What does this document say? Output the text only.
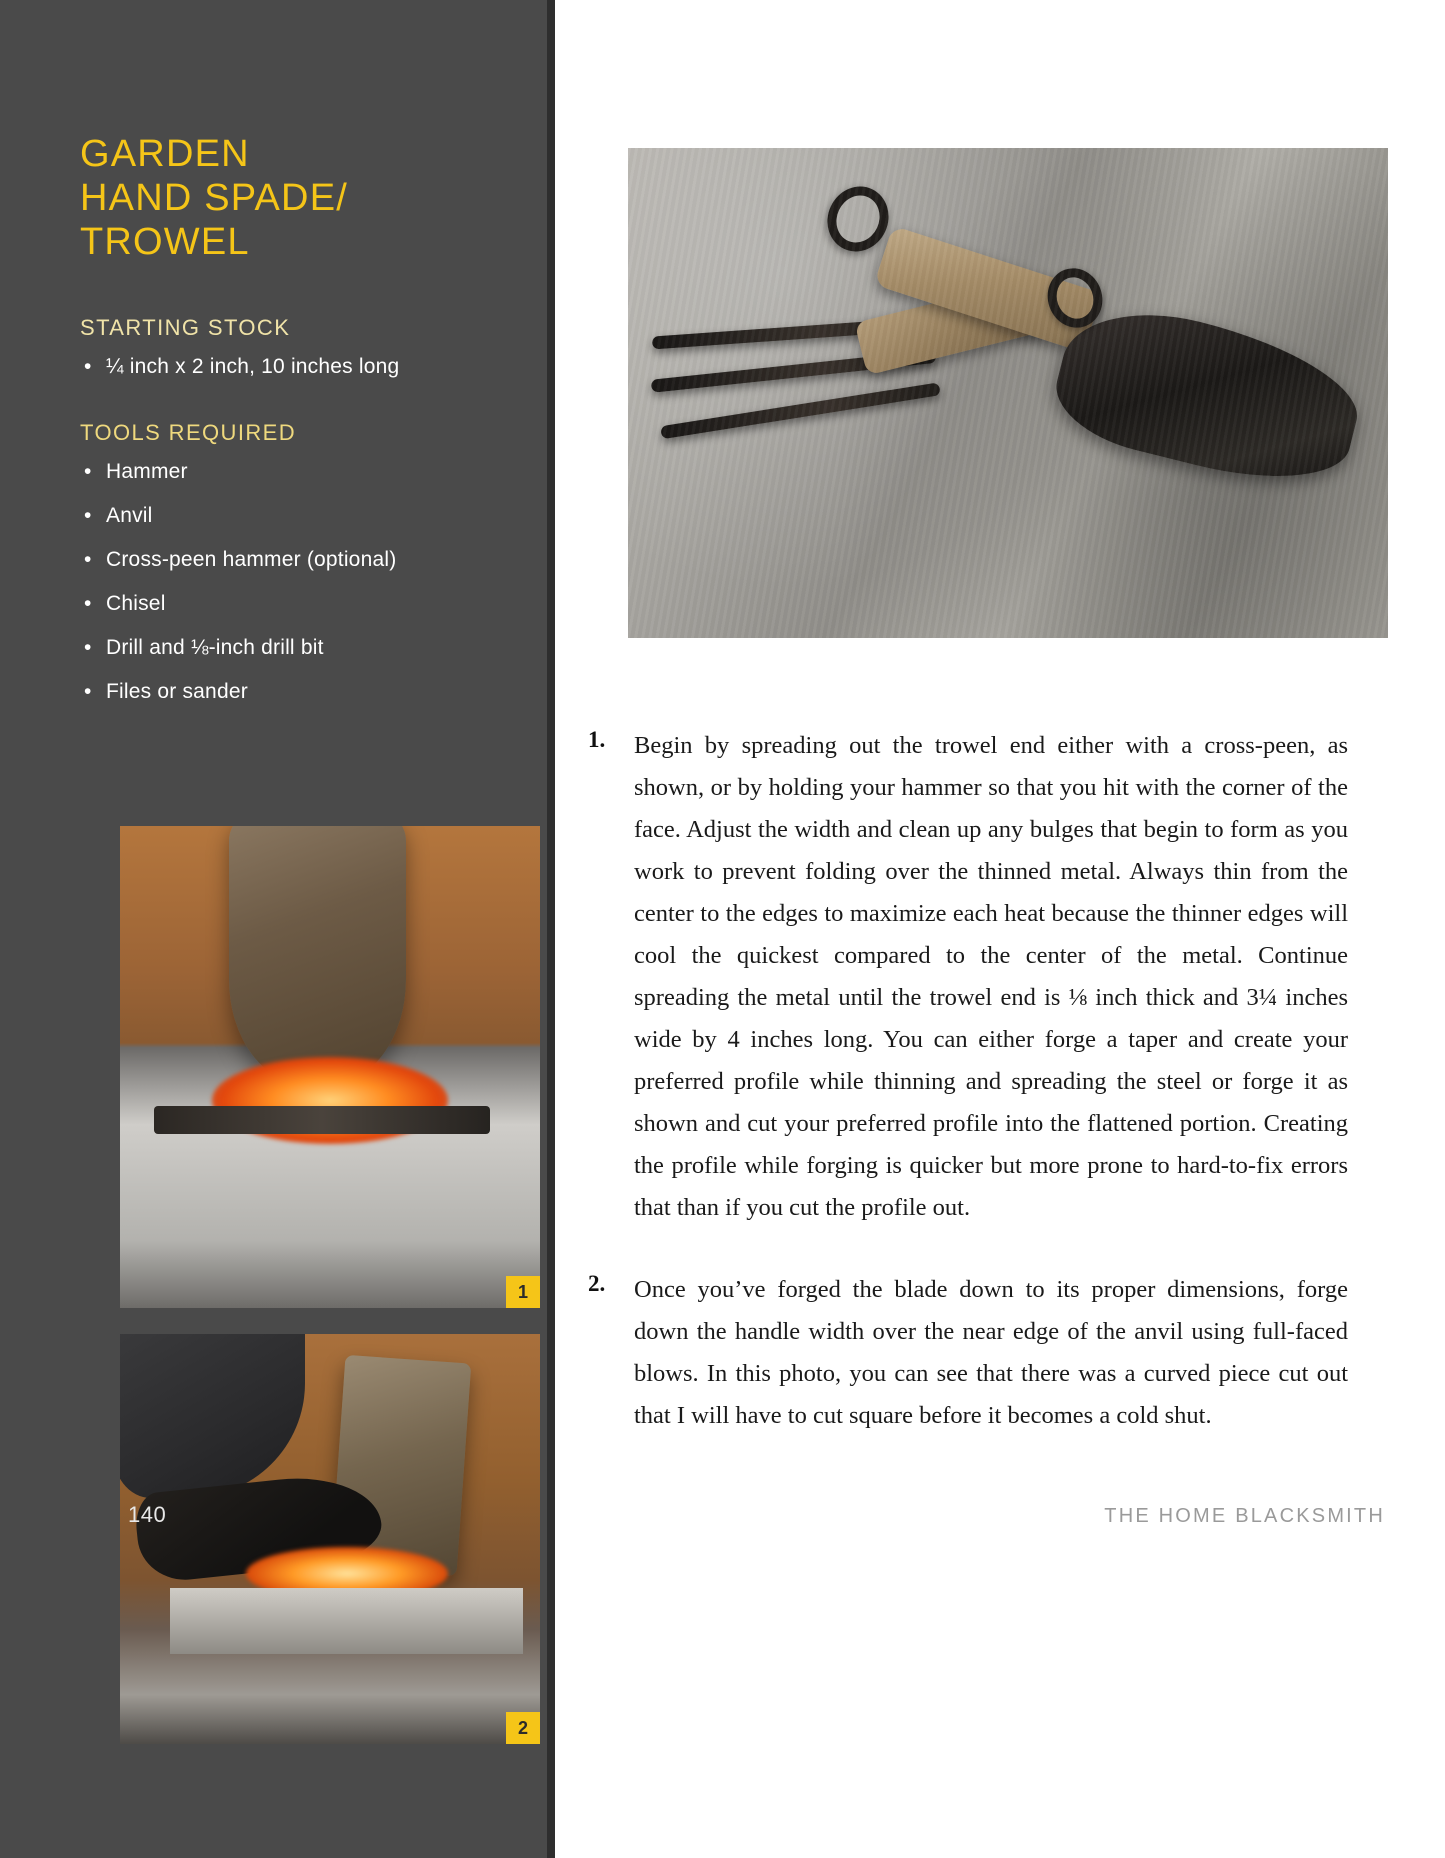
GARDEN
HAND SPADE/
TROWEL
STARTING STOCK
• ¼ inch x 2 inch, 10 inches long
TOOLS REQUIRED
• Hammer
• Anvil
• Cross-peen hammer (optional)
• Chisel
• Drill and ⅛-inch drill bit
• Files or sander
1
2
140
1.	Begin by spreading out the trowel end either with a cross-peen, as shown, or by holding your hammer so that you hit with the corner of the face. Adjust the width and clean up any bulges that begin to form as you work to prevent folding over the thinned metal. Always thin from the center to the edges to maximize each heat because the thinner edges will cool the quickest compared to the center of the metal. Continue spreading the metal until the trowel end is ⅛ inch thick and 3¼ inches wide by 4 inches long. You can either forge a taper and create your preferred profile while thinning and spreading the steel or forge it as shown and cut your preferred profile into the flattened portion. Creating the profile while forging is quicker but more prone to hard-to-fix errors that than if you cut the profile out.
2.	Once you’ve forged the blade down to its proper dimensions, forge down the handle width over the near edge of the anvil using full-faced blows. In this photo, you can see that there was a curved piece cut out that I will have to cut square before it becomes a cold shut.
THE HOME BLACKSMITH
